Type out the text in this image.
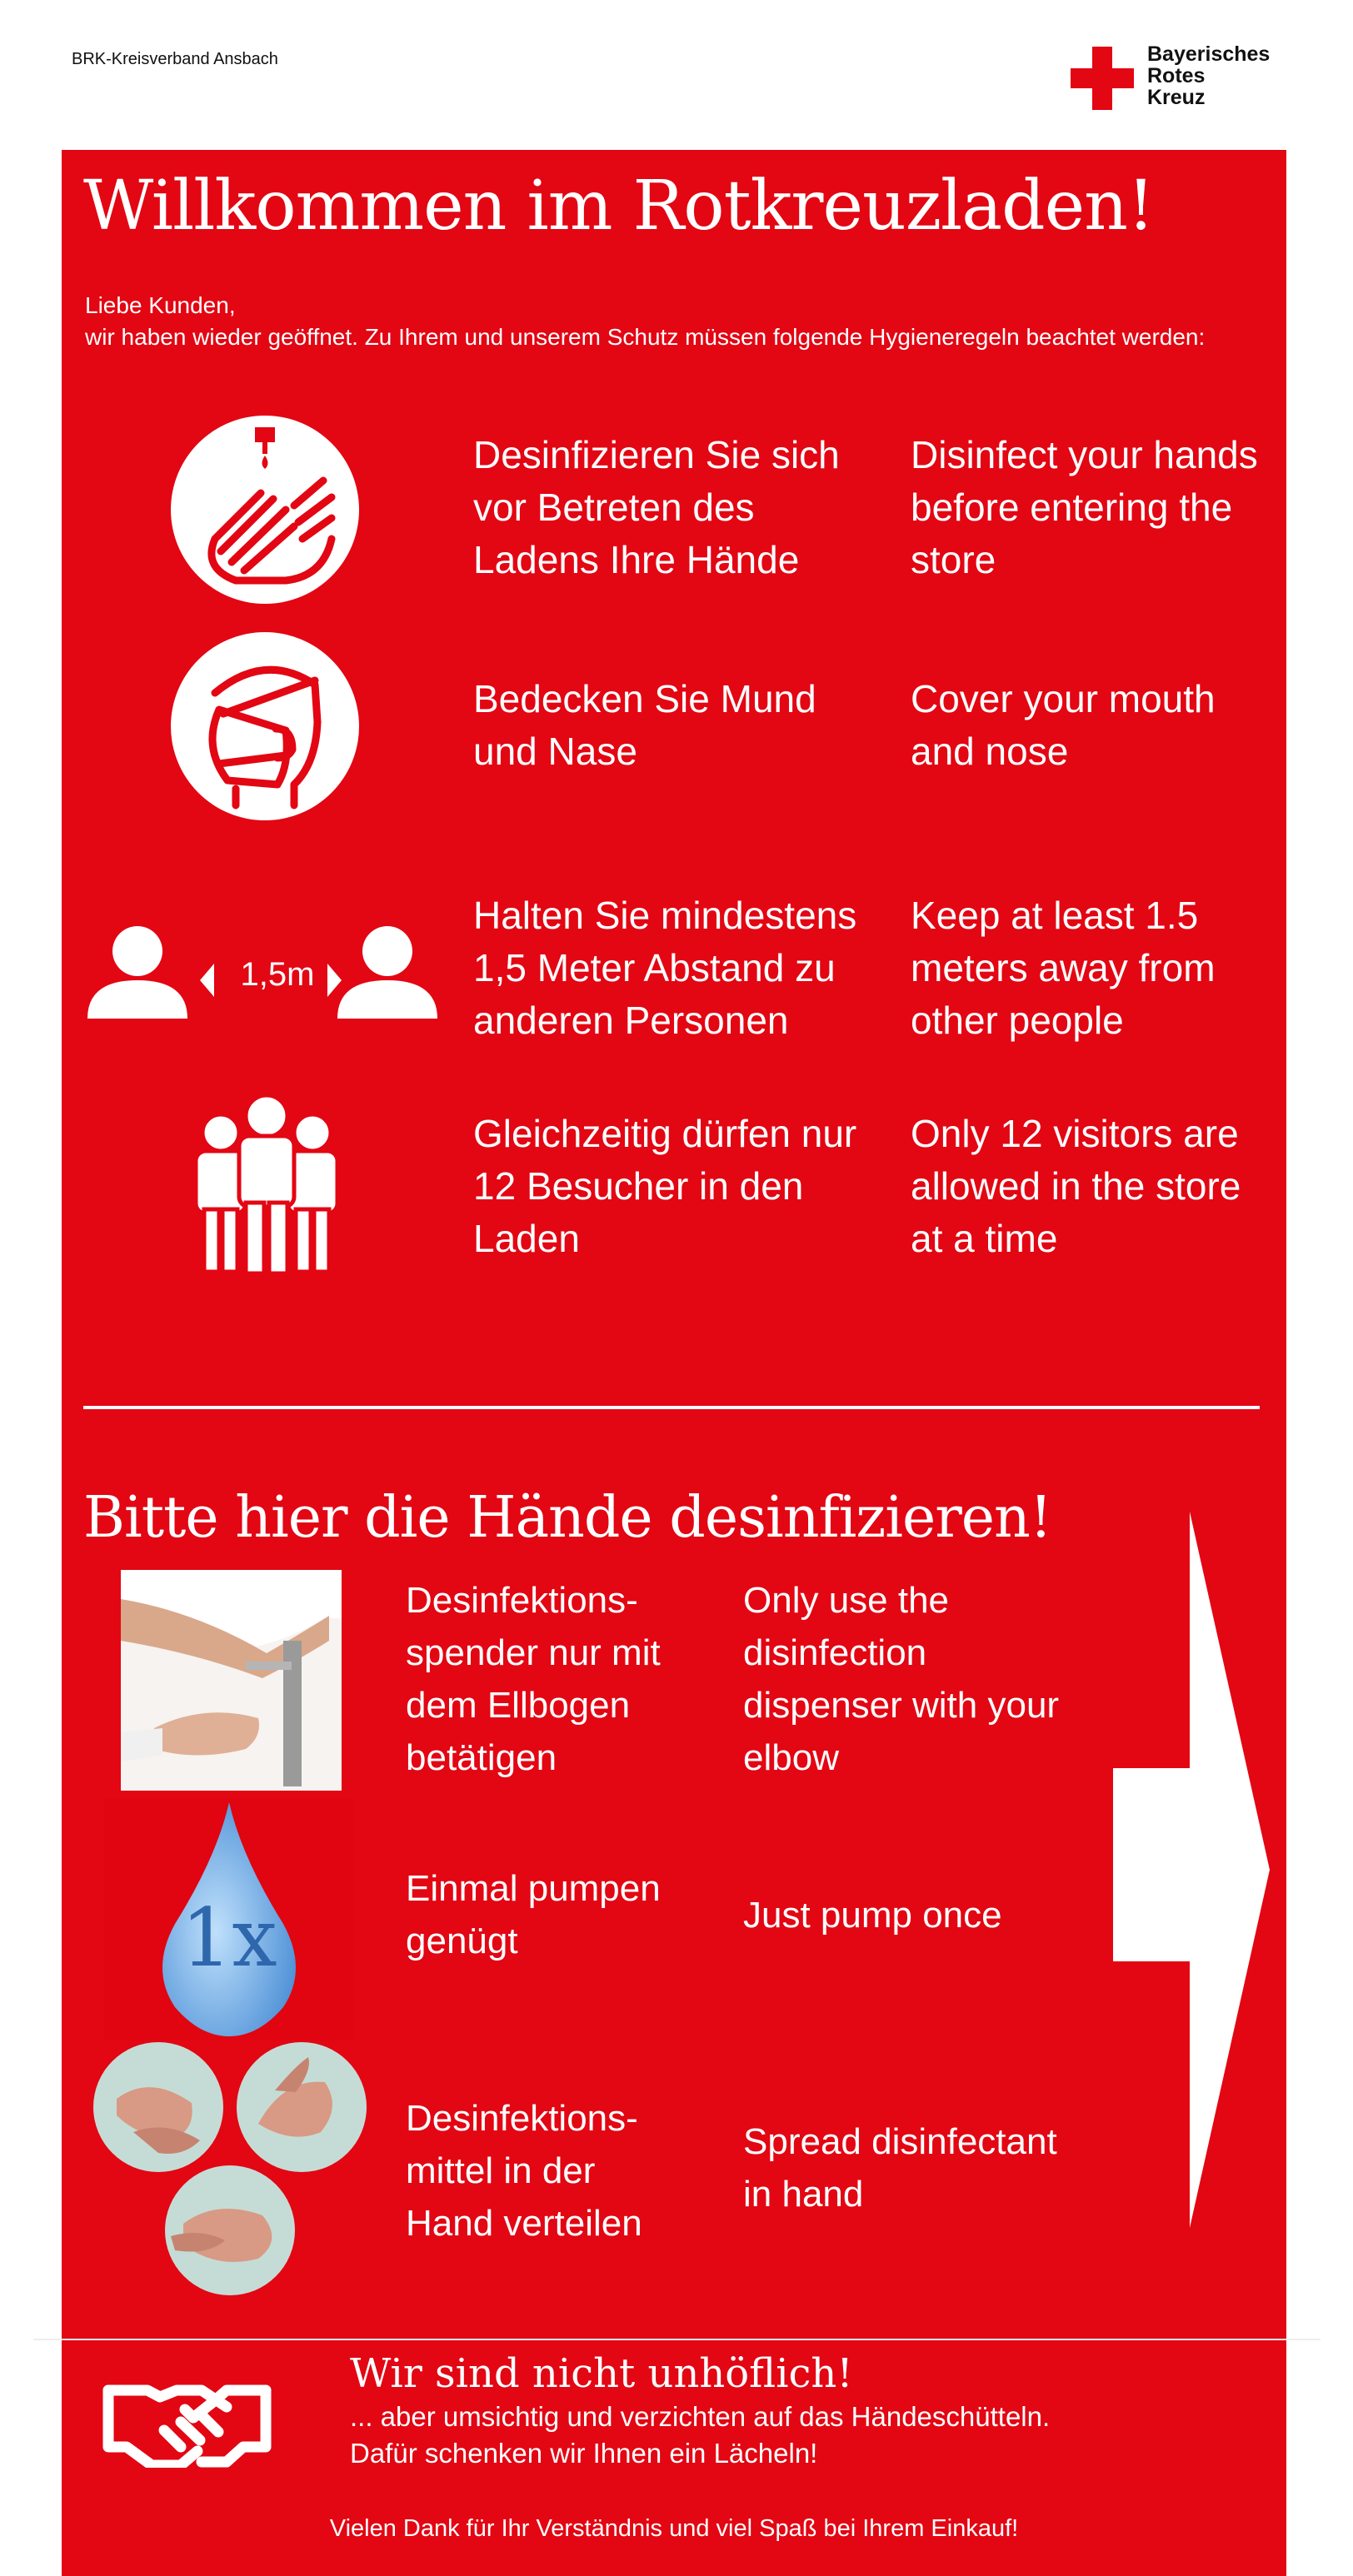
BRK-Kreisverband Ansbach	Bayerisches
Rotes
Kreuz
Willkommen im Rotkreuzladen!
Liebe Kunden,
wir haben wieder geöffnet. Zu Ihrem und unserem Schutz müssen folgende Hygieneregeln beachtet werden:
Desinfizieren Sie sich
vor Betreten des
Ladens Ihre Hände
Disinfect your hands
before entering the
store
Bedecken Sie Mund
und Nase
Cover your mouth
and nose
1,5m
Halten Sie mindestens
1,5 Meter Abstand zu
anderen Personen
Keep at least 1.5
meters away from
other people
Gleichzeitig dürfen nur
12 Besucher in den
Laden
Only 12 visitors are
allowed in the store
at a time
Bitte hier die Hände desinfizieren!
Desinfektions-
spender nur mit
dem Ellbogen
betätigen
Only use the
disinfection
dispenser with your
elbow
1x
Einmal pumpen
genügt
Just pump once
Desinfektions-
mittel in der
Hand verteilen
Spread disinfectant
in hand
Wir sind nicht unhöflich!
... aber umsichtig und verzichten auf das Händeschütteln.
Dafür schenken wir Ihnen ein Lächeln!
Vielen Dank für Ihr Verständnis und viel Spaß bei Ihrem Einkauf!
